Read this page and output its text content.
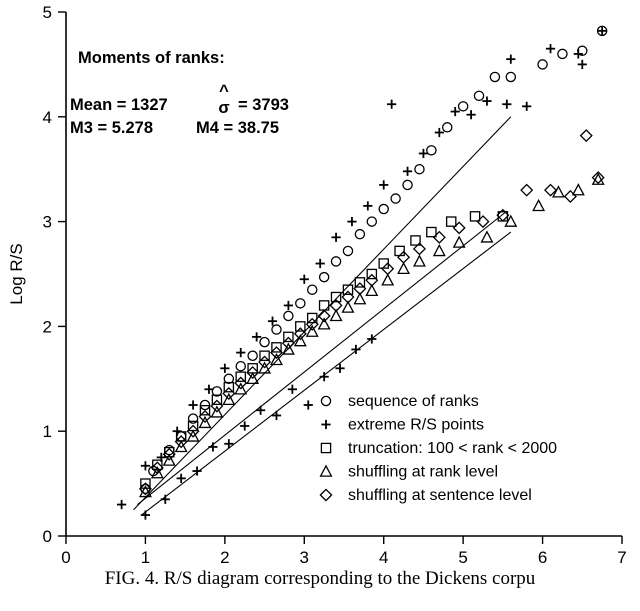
0	1	2	3	4	5	6	7
0
1
2
3
4
5
Log R/S
Moments of ranks:
Mean = 1327
^
σ = 3793
M3 = 5.278	M4 = 38.75
sequence of ranks
extreme R/S points
truncation: 100 < rank < 2000
shuffling at rank level
shuffling at sentence level
FIG. 4. R/S diagram corresponding to the Dickens corpu
